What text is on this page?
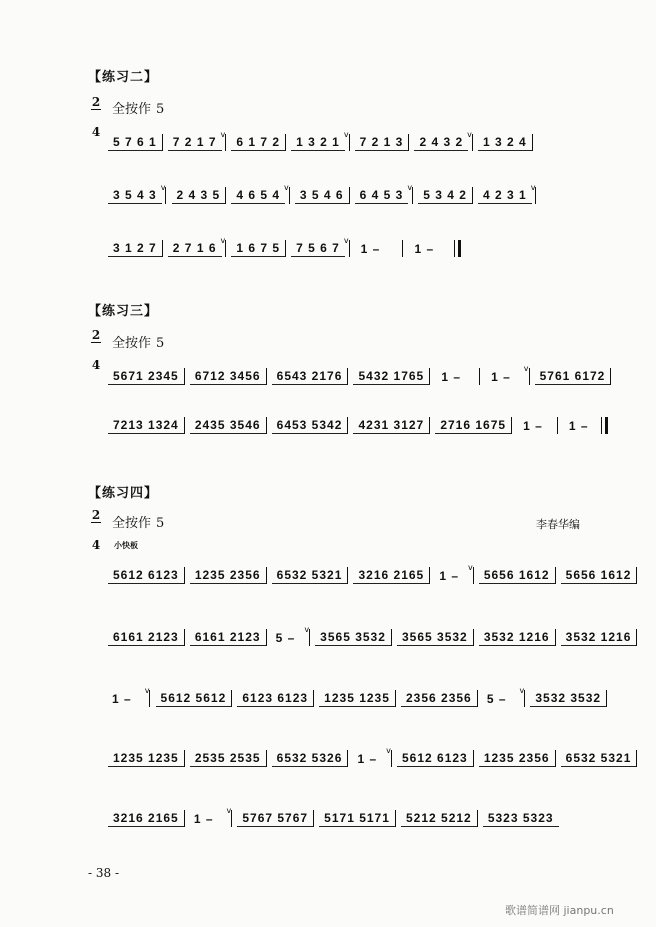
【练习二】
2
4
全按作 5
5 7 6 1 7 2 1 7$^v$ 6 1 7 2 1 3 2 1$^v$ 7 2 1 3 2 4 3 2$^v$ 1 3 2 4
3 5 4 3$^v$ 2 4 3 5 4 6 5 4$^v$ 3 5 4 6 6 4 5 3$^v$ 5 3 4 2 4 2 3 1$^v$
3 1 2 7 2 7 1 6$^v$ 1 6 7 5 7 5 6 7$^v$ 1 –	1 –
【练习三】
2
4
全按作 5
5671 2345 6712 3456 6543 2176 5432 1765 1 –	1 –$^v$ 5761 6172
7213 1324 2435 3546 6453 5342 4231 3127 2716 1675 1 – 1 –
【练习四】
2
4
全按作 5	李春华编
小快板
5612 6123 1235 2356 6532 5321 3216 2165 1 –$^v$ 5656 1612 5656 1612
6161 2123 6161 2123 5 –$^v$ 3565 3532 3565 3532 3532 1216 3532 1216
1 –$^v$ 5612 5612 6123 6123 1235 1235 2356 2356 5 –$^v$ 3532 3532
1235 1235 2535 2535 6532 5326 1 –$^v$ 5612 6123 1235 2356 6532 5321
3216 2165 1 –$^v$ 5767 5767 5171 5171 5212 5212 5323 5323
- 38 -
歌谱简谱网 jianpu.cn
